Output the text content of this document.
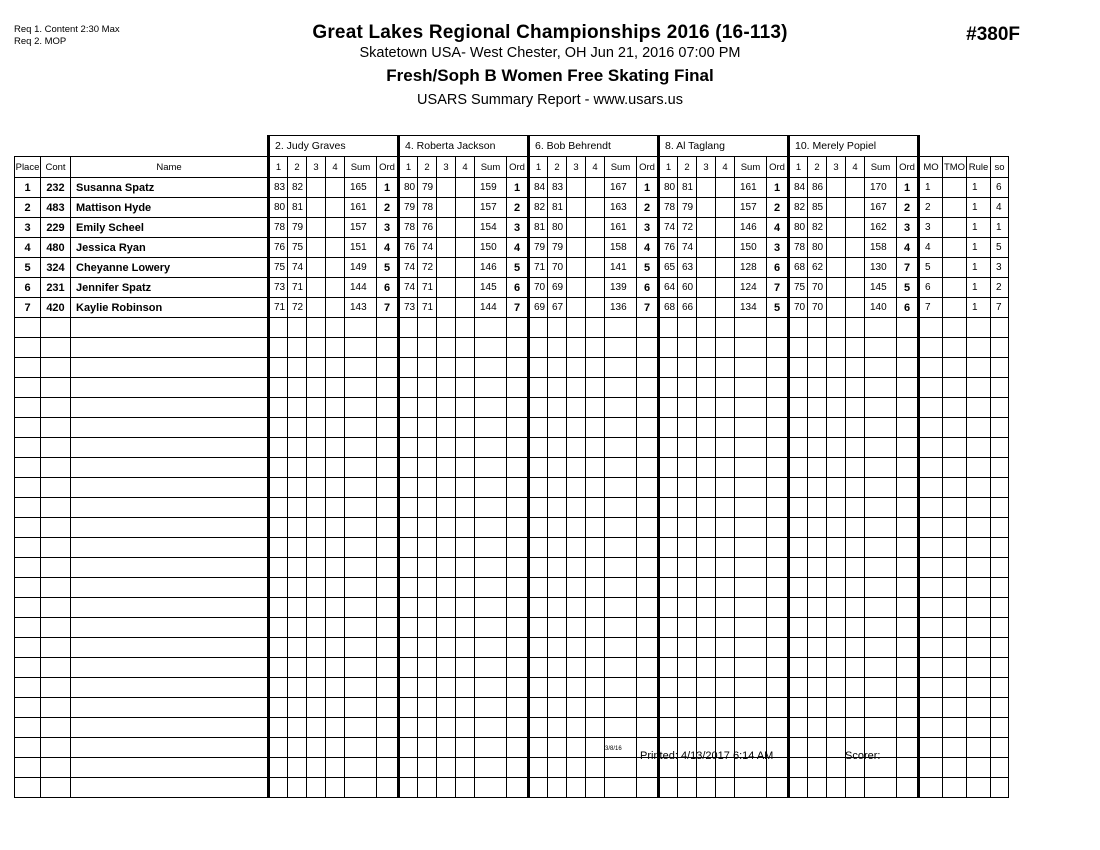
Req 1. Content 2:30 Max
Req 2. MOP	Great Lakes Regional Championships 2016 (16-113)
Skatetown USA- West Chester, OH Jun 21, 2016 07:00 PM
Fresh/Soph B Women Free Skating Final
USARS Summary Report - www.usars.us
#380F
			2. Judy Graves						4. Roberta Jackson						6. Bob Behrendt						8. Al Taglang						10. Merely Popiel									
Place	Cont	Name	1	2	3	4	Sum	Ord	1	2	3	4	Sum	Ord	1	2	3	4	Sum	Ord	1	2	3	4	Sum	Ord	1	2	3	4	Sum	Ord	MO	TMO	Rule	so
1	232	Susanna Spatz	83	82			165	1	80	79			159	1	84	83			167	1	80	81			161	1	84	86			170	1	1		1	6
2	483	Mattison Hyde	80	81			161	2	79	78			157	2	82	81			163	2	78	79			157	2	82	85			167	2	2		1	4
3	229	Emily Scheel	78	79			157	3	78	76			154	3	81	80			161	3	74	72			146	4	80	82			162	3	3		1	1
4	480	Jessica Ryan	76	75			151	4	76	74			150	4	79	79			158	4	76	74			150	3	78	80			158	4	4		1	5
5	324	Cheyanne Lowery	75	74			149	5	74	72			146	5	71	70			141	5	65	63			128	6	68	62			130	7	5		1	3
6	231	Jennifer Spatz	73	71			144	6	74	71			145	6	70	69			139	6	64	60			124	7	75	70			145	5	6		1	2
7	420	Kaylie Robinson	71	72			143	7	73	71			144	7	69	67			136	7	68	66			134	5	70	70			140	6	7		1	7

3/8/16
Printed: 4/13/2017 6:14 AM	Scorer:
